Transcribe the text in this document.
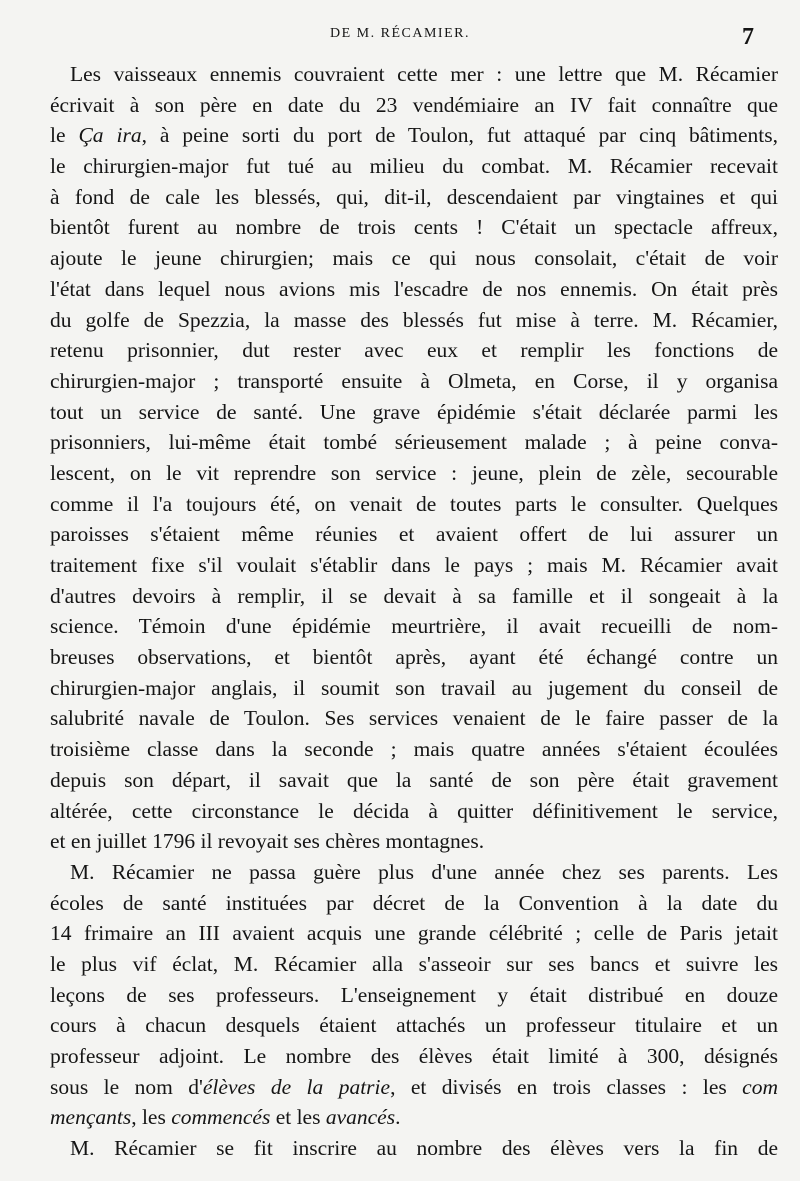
DE M. RÉCAMIER.	7
Les vaisseaux ennemis couvraient cette mer : une lettre que M. Récamier
écrivait à son père en date du 23 vendémiaire an IV fait connaître que
le Ça ira, à peine sorti du port de Toulon, fut attaqué par cinq bâtiments,
le chirurgien-major fut tué au milieu du combat. M. Récamier recevait
à fond de cale les blessés, qui, dit-il, descendaient par vingtaines et qui
bientôt furent au nombre de trois cents ! C'était un spectacle affreux,
ajoute le jeune chirurgien; mais ce qui nous consolait, c'était de voir
l'état dans lequel nous avions mis l'escadre de nos ennemis. On était près
du golfe de Spezzia, la masse des blessés fut mise à terre. M. Récamier,
retenu prisonnier, dut rester avec eux et remplir les fonctions de
chirurgien-major ; transporté ensuite à Olmeta, en Corse, il y organisa
tout un service de santé. Une grave épidémie s'était déclarée parmi les
prisonniers, lui-même était tombé sérieusement malade ; à peine conva-
lescent, on le vit reprendre son service : jeune, plein de zèle, secourable
comme il l'a toujours été, on venait de toutes parts le consulter. Quelques
paroisses s'étaient même réunies et avaient offert de lui assurer un
traitement fixe s'il voulait s'établir dans le pays ; mais M. Récamier avait
d'autres devoirs à remplir, il se devait à sa famille et il songeait à la
science. Témoin d'une épidémie meurtrière, il avait recueilli de nom-
breuses observations, et bientôt après, ayant été échangé contre un
chirurgien-major anglais, il soumit son travail au jugement du conseil de
salubrité navale de Toulon. Ses services venaient de le faire passer de la
troisième classe dans la seconde ; mais quatre années s'étaient écoulées
depuis son départ, il savait que la santé de son père était gravement
altérée, cette circonstance le décida à quitter définitivement le service,
et en juillet 1796 il revoyait ses chères montagnes.
M. Récamier ne passa guère plus d'une année chez ses parents. Les
écoles de santé instituées par décret de la Convention à la date du
14 frimaire an III avaient acquis une grande célébrité ; celle de Paris jetait
le plus vif éclat, M. Récamier alla s'asseoir sur ses bancs et suivre les
leçons de ses professeurs. L'enseignement y était distribué en douze
cours à chacun desquels étaient attachés un professeur titulaire et un
professeur adjoint. Le nombre des élèves était limité à 300, désignés
sous le nom d'élèves de la patrie, et divisés en trois classes : les com
mençants, les commencés et les avancés.
M. Récamier se fit inscrire au nombre des élèves vers la fin de
